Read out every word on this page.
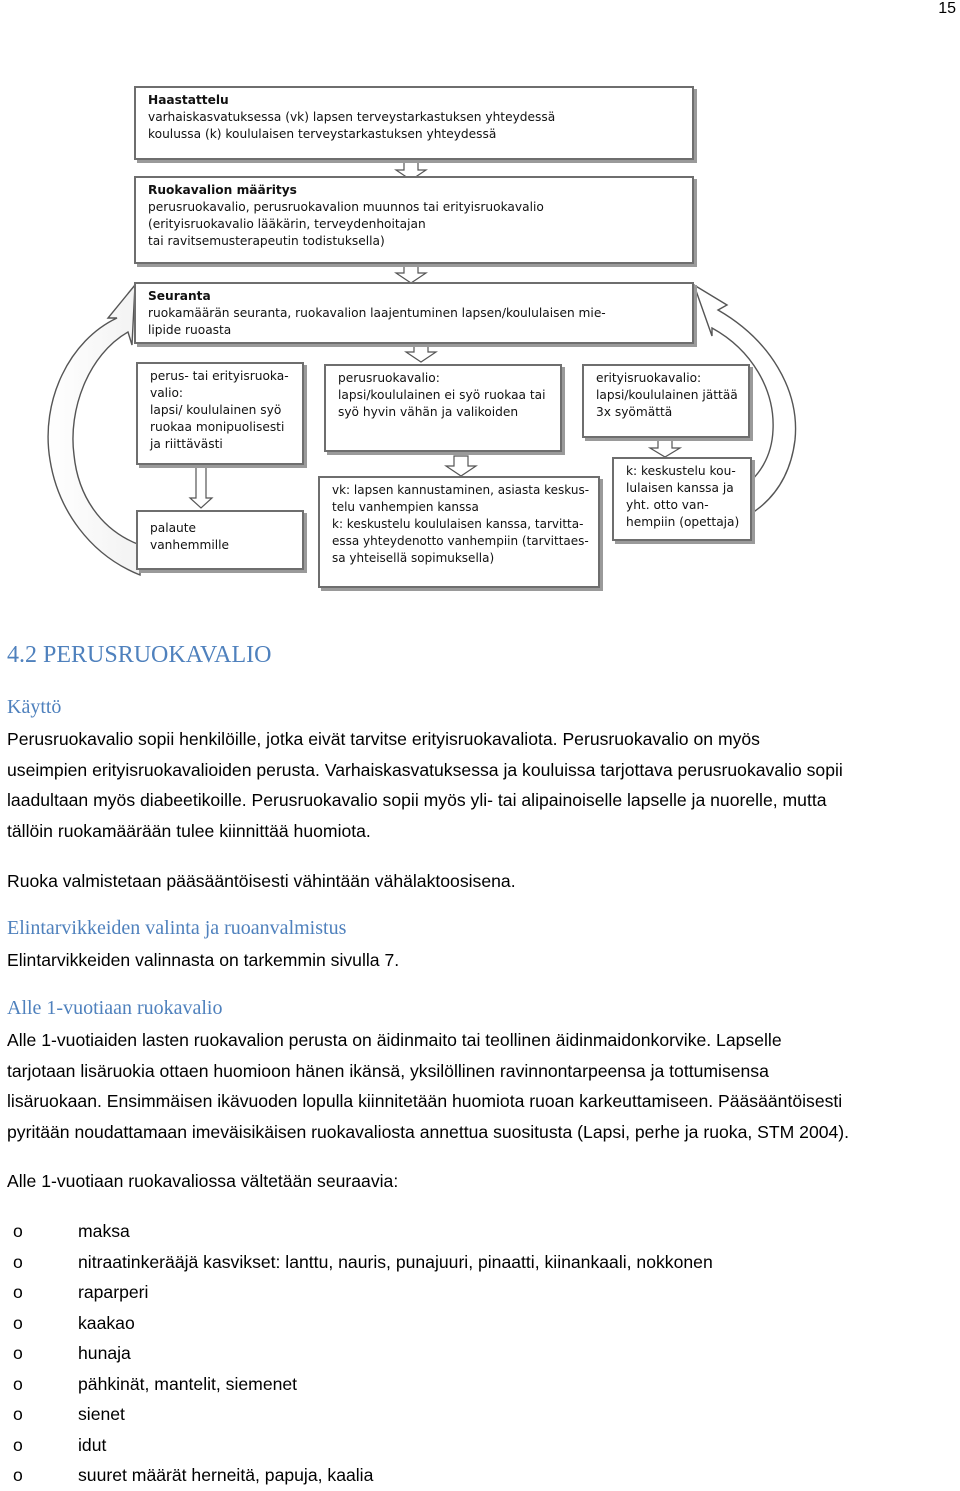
15
Haastattelu
varhaiskasvatuksessa (vk) lapsen terveystarkastuksen yhteydessä
koulussa (k) koululaisen terveystarkastuksen yhteydessä
Ruokavalion määritys
perusruokavalio, perusruokavalion muunnos tai erityisruokavalio
(erityisruokavalio lääkärin, terveydenhoitajan
tai ravitsemusterapeutin todistuksella)
Seuranta
ruokamäärän seuranta, ruokavalion laajentuminen lapsen/koululaisen mie-
lipide ruoasta
perus- tai erityisruoka-
valio:
lapsi/ koululainen syö
ruokaa monipuolisesti
ja riittävästi
perusruokavalio:
lapsi/koululainen ei syö ruokaa tai
syö hyvin vähän ja valikoiden
erityisruokavalio:
lapsi/koululainen jättää
3x syömättä
palaute
vanhemmille
vk: lapsen kannustaminen, asiasta keskus-
telu vanhempien kanssa
k: keskustelu koululaisen kanssa, tarvitta-
essa yhteydenotto vanhempiin (tarvittaes-
sa yhteisellä sopimuksella)
k: keskustelu kou-
lulaisen kanssa ja
yht. otto van-
hempiin (opettaja)
4.2 PERUSRUOKAVALIO
Käyttö
Perusruokavalio sopii henkilöille, jotka eivät tarvitse erityisruokavaliota. Perusruokavalio on myös
useimpien erityisruokavalioiden perusta. Varhaiskasvatuksessa ja kouluissa tarjottava perusruokavalio sopii
laadultaan myös diabeetikoille. Perusruokavalio sopii myös yli- tai alipainoiselle lapselle ja nuorelle, mutta
tällöin ruokamäärään tulee kiinnittää huomiota.
Ruoka valmistetaan pääsääntöisesti vähintään vähälaktoosisena.
Elintarvikkeiden valinta ja ruoanvalmistus
Elintarvikkeiden valinnasta on tarkemmin sivulla 7.
Alle 1-vuotiaan ruokavalio
Alle 1-vuotiaiden lasten ruokavalion perusta on äidinmaito tai teollinen äidinmaidonkorvike. Lapselle
tarjotaan lisäruokia ottaen huomioon hänen ikänsä, yksilöllinen ravinnontarpeensa ja tottumisensa
lisäruokaan. Ensimmäisen ikävuoden lopulla kiinnitetään huomiota ruoan karkeuttamiseen. Pääsääntöisesti
pyritään noudattamaan imeväisikäisen ruokavaliosta annettua suositusta (Lapsi, perhe ja ruoka, STM 2004).
Alle 1-vuotiaan ruokavaliossa vältetään seuraavia:
o	maksa
o	nitraatinkerääjä kasvikset: lanttu, nauris, punajuuri, pinaatti, kiinankaali, nokkonen
o	raparperi
o	kaakao
o	hunaja
o	pähkinät, mantelit, siemenet
o	sienet
o	idut
o	suuret määrät herneitä, papuja, kaalia
